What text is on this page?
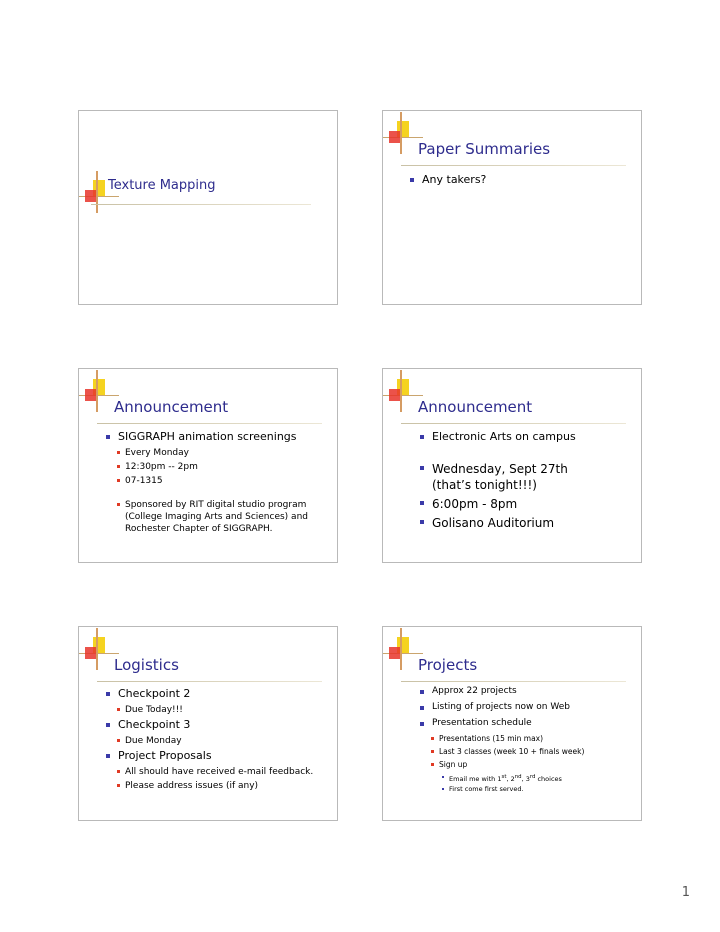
Texture Mapping
Paper Summaries
Any takers?
Announcement
SIGGRAPH animation screenings
Every Monday
12:30pm -- 2pm
07-1315
Sponsored by RIT digital studio program (College Imaging Arts and Sciences) and Rochester Chapter of SIGGRAPH.
Announcement
Electronic Arts on campus
Wednesday, Sept 27th (that’s tonight!!!)
6:00pm - 8pm
Golisano Auditorium
Logistics
Checkpoint 2
Due Today!!!
Checkpoint 3
Due Monday
Project Proposals
All should have received e-mail feedback.
Please address issues (if any)
Projects
Approx 22 projects
Listing of projects now on Web
Presentation schedule
Presentations (15 min max)
Last 3 classes (week 10 + finals week)
Sign up
Email me with 1st, 2nd, 3rd choices
First come first served.
1
